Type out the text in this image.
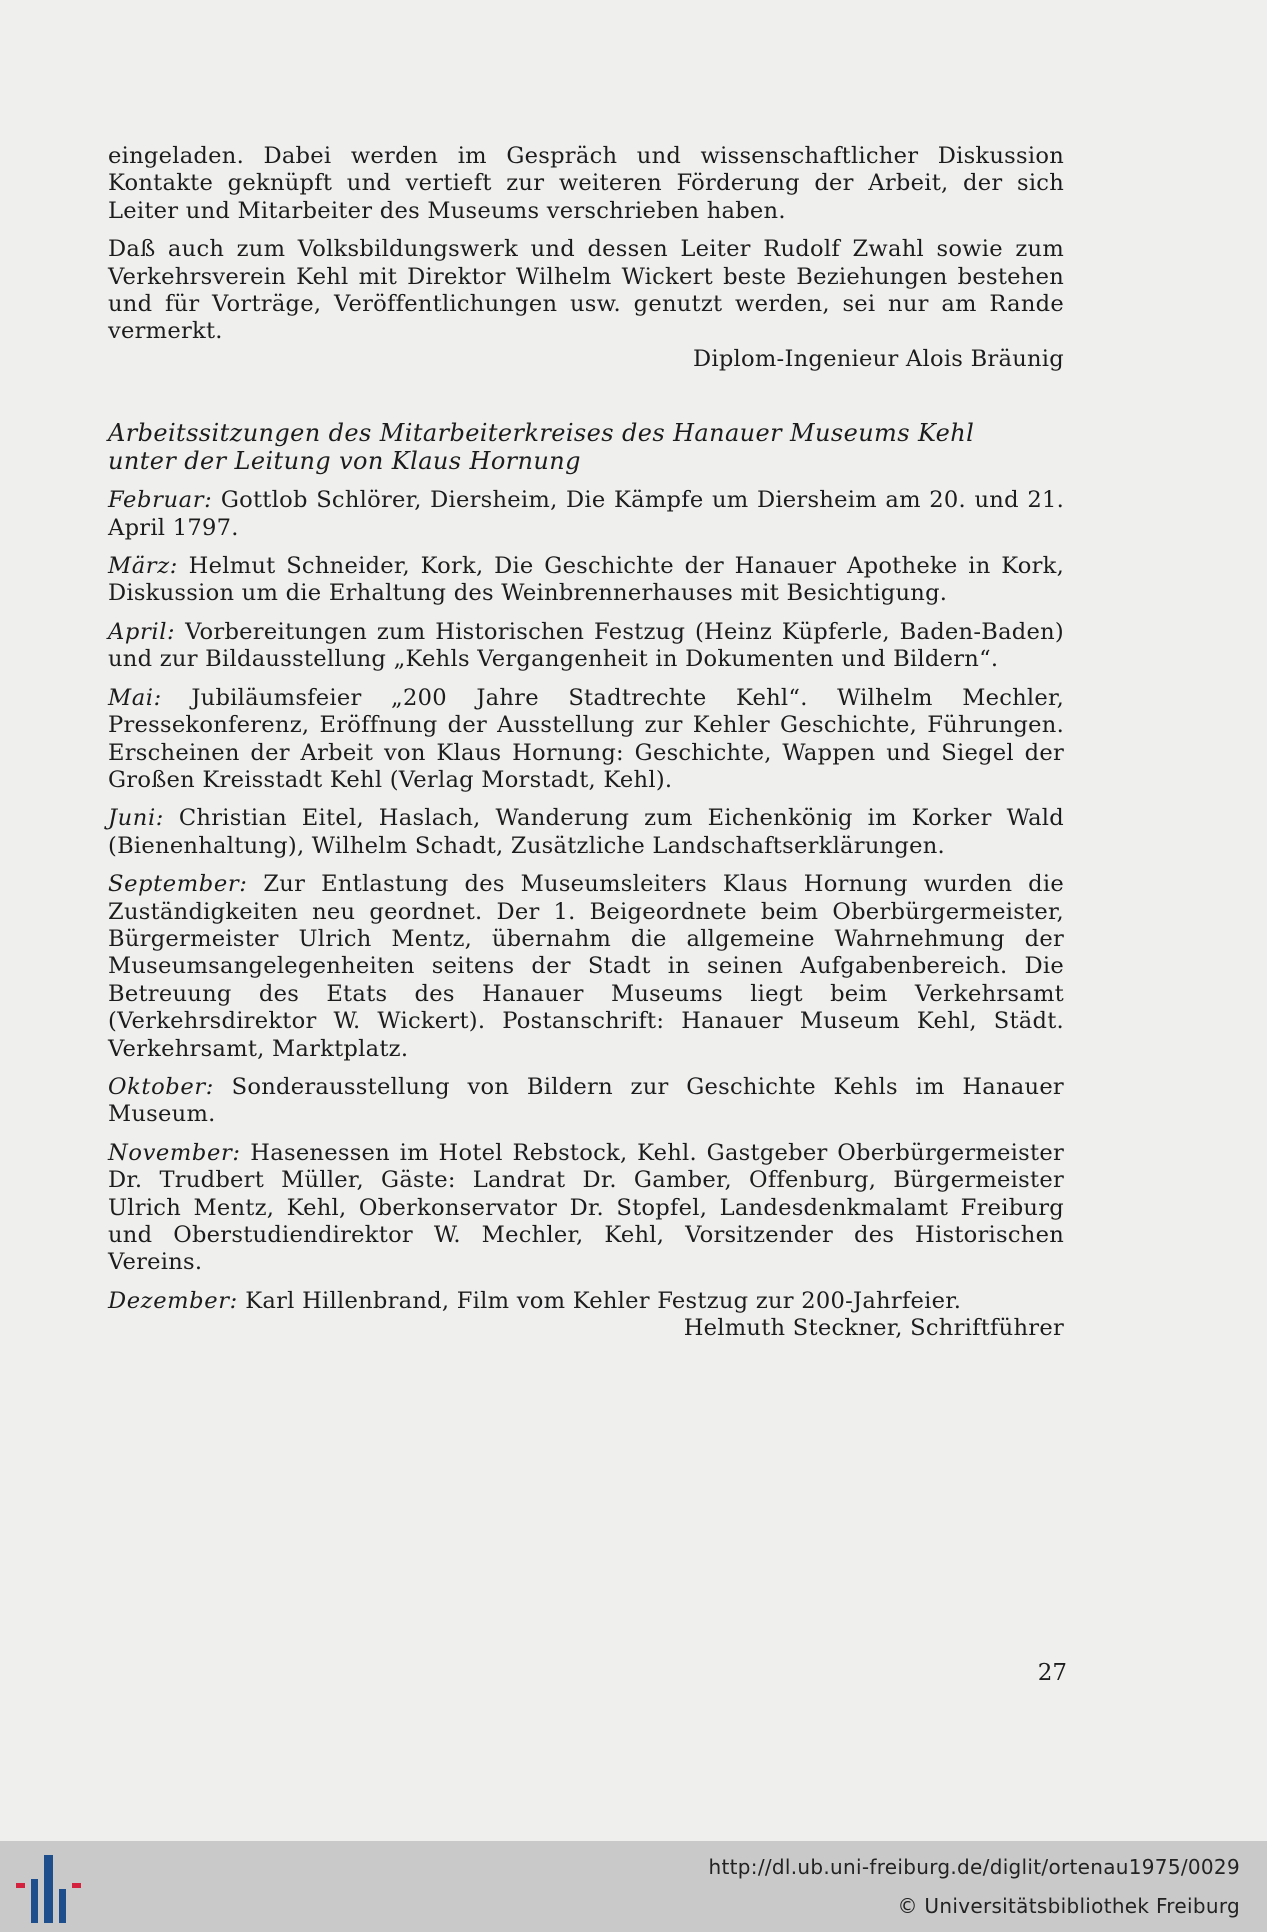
eingeladen. Dabei werden im Gespräch und wissenschaftlicher Diskussion Kontakte geknüpft und vertieft zur weiteren Förderung der Arbeit, der sich Leiter und Mitarbeiter des Museums verschrieben haben.

Daß auch zum Volksbildungswerk und dessen Leiter Rudolf Zwahl sowie zum Verkehrsverein Kehl mit Direktor Wilhelm Wickert beste Beziehungen bestehen und für Vorträge, Veröffentlichungen usw. genutzt werden, sei nur am Rande vermerkt.

Diplom-Ingenieur Alois Bräunig

Arbeitssitzungen des Mitarbeiterkreises des Hanauer Museums Kehl
unter der Leitung von Klaus Hornung

Februar: Gottlob Schlörer, Diersheim, Die Kämpfe um Diersheim am 20. und 21. April 1797.

März: Helmut Schneider, Kork, Die Geschichte der Hanauer Apotheke in Kork, Diskussion um die Erhaltung des Weinbrennerhauses mit Besichtigung.

April: Vorbereitungen zum Historischen Festzug (Heinz Küpferle, Baden-Baden) und zur Bildausstellung „Kehls Vergangenheit in Dokumenten und Bildern“.

Mai: Jubiläumsfeier „200 Jahre Stadtrechte Kehl“. Wilhelm Mechler, Pressekonferenz, Eröffnung der Ausstellung zur Kehler Geschichte, Führungen. Erscheinen der Arbeit von Klaus Hornung: Geschichte, Wappen und Siegel der Großen Kreisstadt Kehl (Verlag Morstadt, Kehl).

Juni: Christian Eitel, Haslach, Wanderung zum Eichenkönig im Korker Wald (Bienenhaltung), Wilhelm Schadt, Zusätzliche Landschaftserklärungen.

September: Zur Entlastung des Museumsleiters Klaus Hornung wurden die Zuständigkeiten neu geordnet. Der 1. Beigeordnete beim Oberbürgermeister, Bürgermeister Ulrich Mentz, übernahm die allgemeine Wahrnehmung der Museumsangelegenheiten seitens der Stadt in seinen Aufgabenbereich. Die Betreuung des Etats des Hanauer Museums liegt beim Verkehrsamt (Verkehrsdirektor W. Wickert). Postanschrift: Hanauer Museum Kehl, Städt. Verkehrsamt, Marktplatz.

Oktober: Sonderausstellung von Bildern zur Geschichte Kehls im Hanauer Museum.

November: Hasenessen im Hotel Rebstock, Kehl. Gastgeber Oberbürgermeister Dr. Trudbert Müller, Gäste: Landrat Dr. Gamber, Offenburg, Bürgermeister Ulrich Mentz, Kehl, Oberkonservator Dr. Stopfel, Landesdenkmalamt Freiburg und Oberstudiendirektor W. Mechler, Kehl, Vorsitzender des Historischen Vereins.

Dezember: Karl Hillenbrand, Film vom Kehler Festzug zur 200-Jahrfeier.

Helmuth Steckner, Schriftführer

27
http://dl.ub.uni-freiburg.de/diglit/ortenau1975/0029
© Universitätsbibliothek Freiburg
